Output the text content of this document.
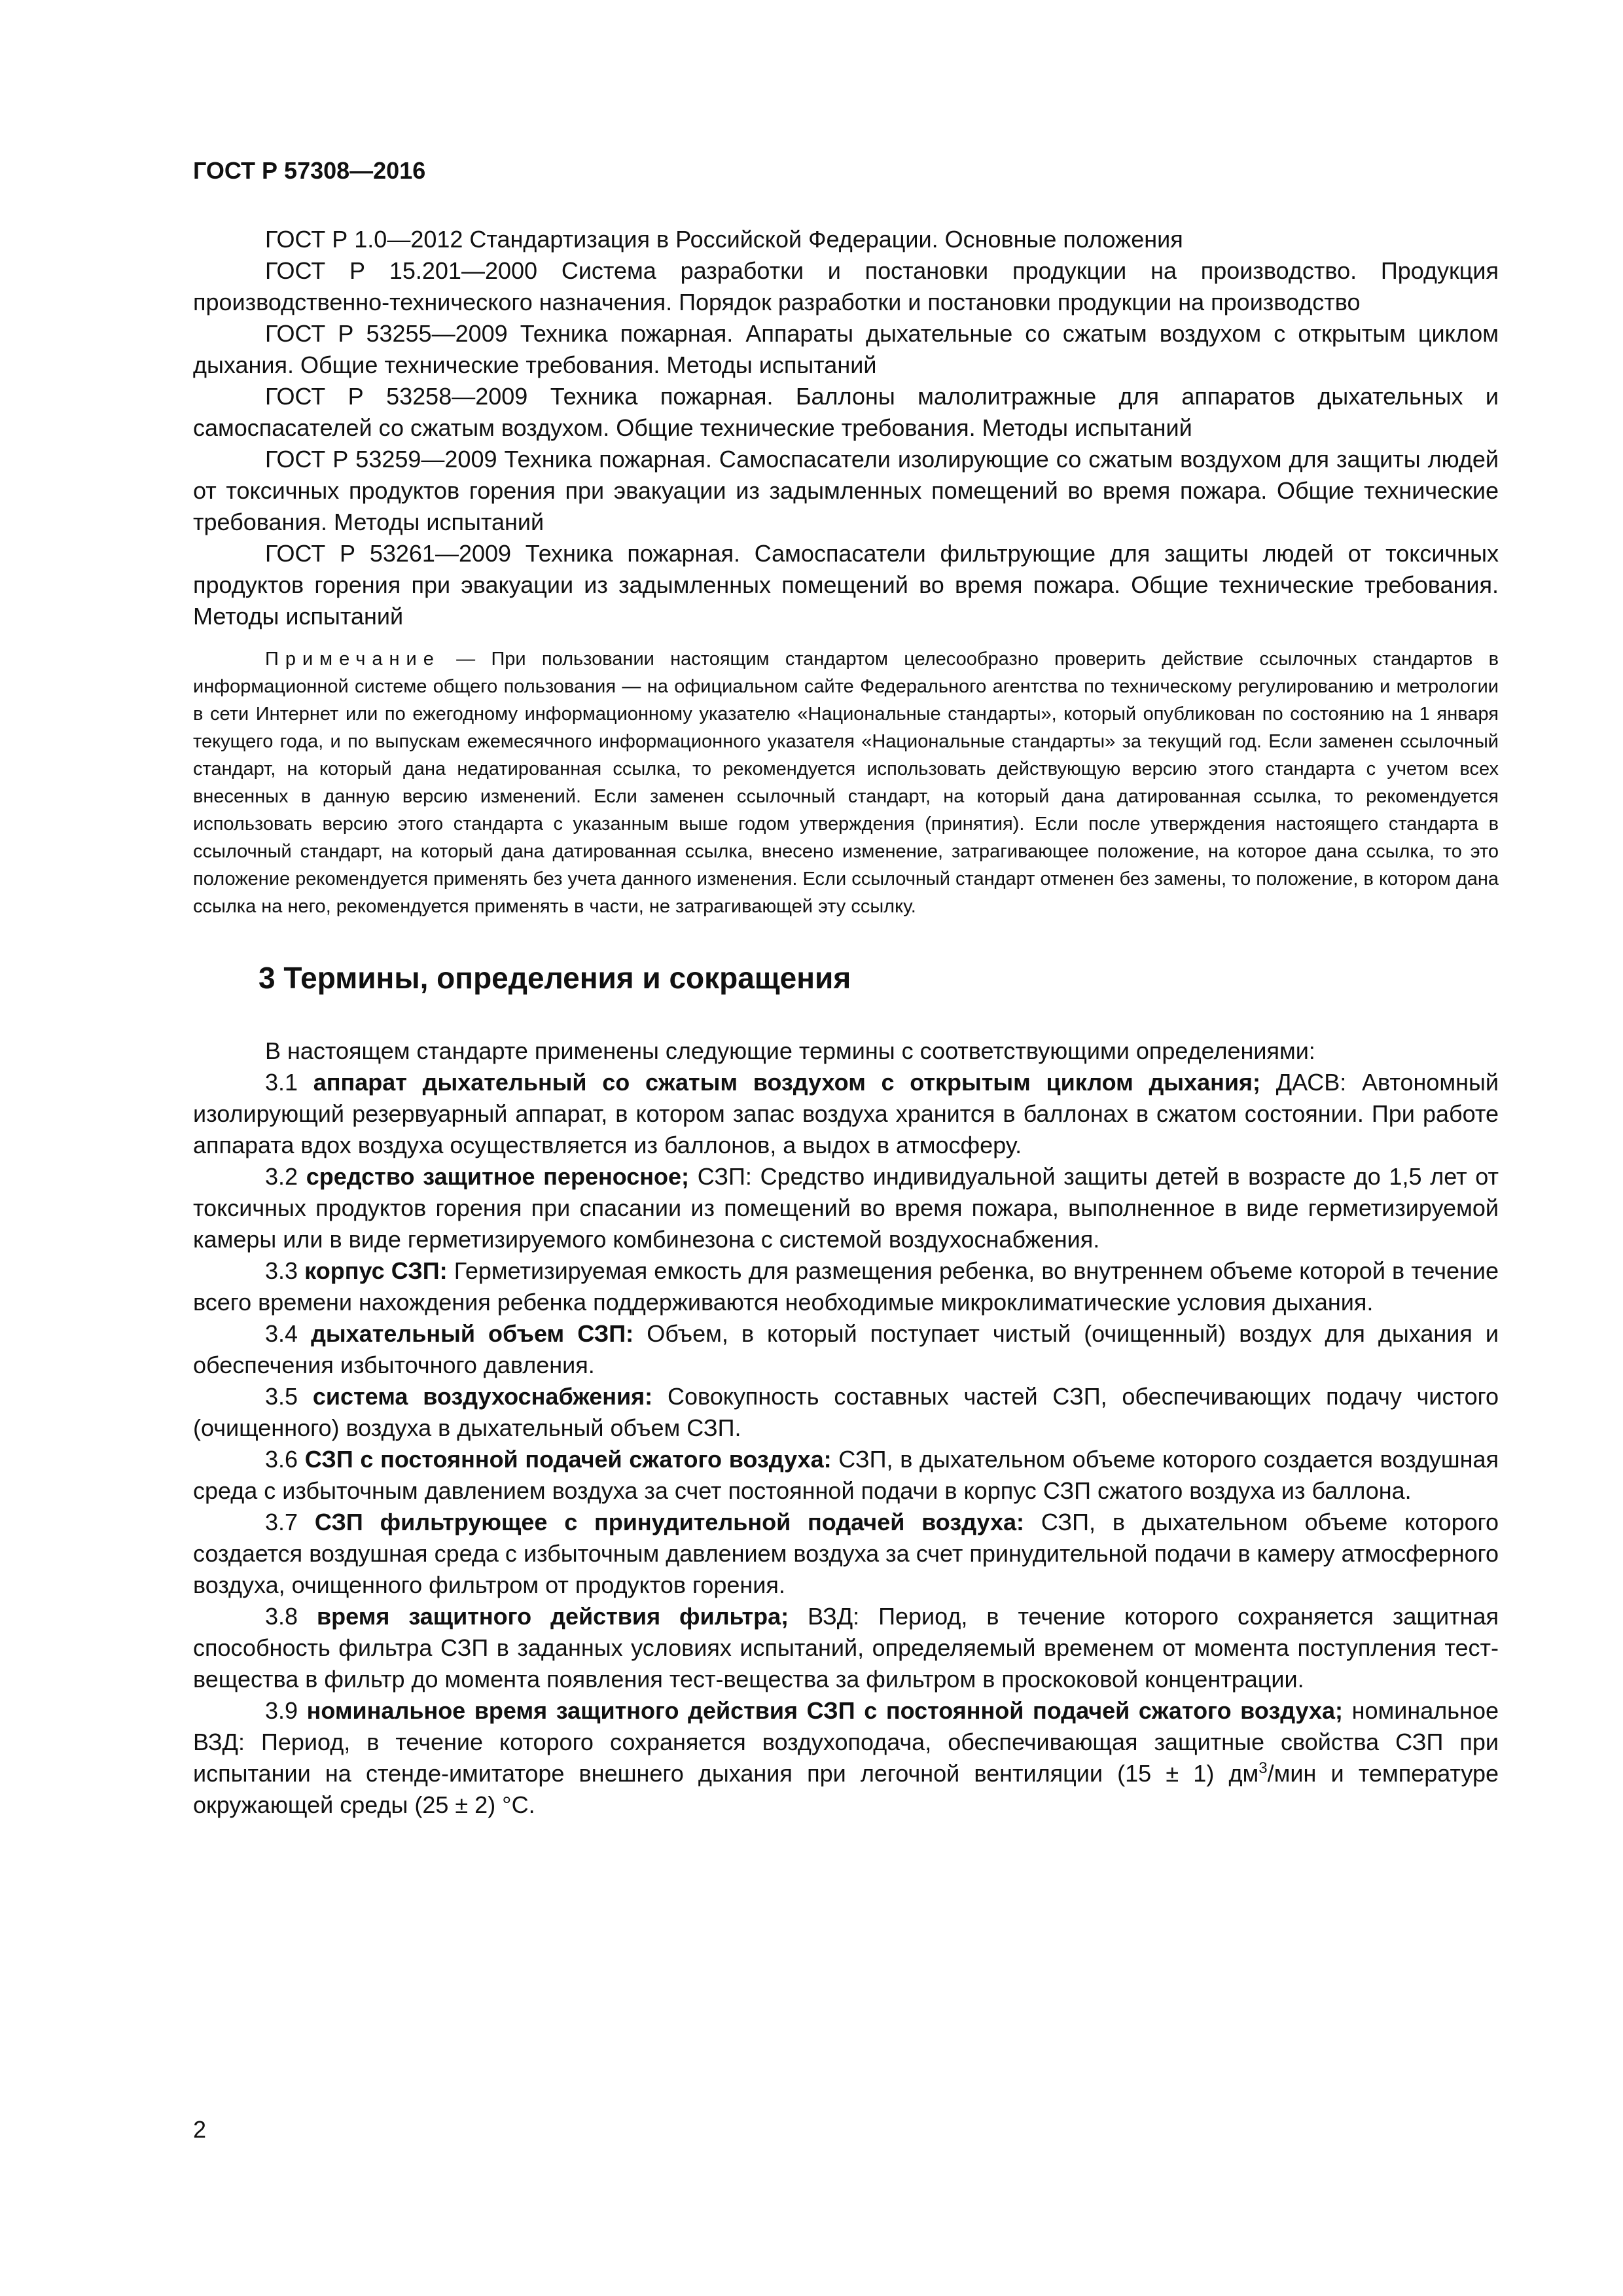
ГОСТ Р 57308—2016

ГОСТ Р 1.0—2012 Стандартизация в Российской Федерации. Основные положения

ГОСТ Р 15.201—2000 Система разработки и постановки продукции на производство. Продукция производственно-технического назначения. Порядок разработки и постановки продукции на производство

ГОСТ Р 53255—2009 Техника пожарная. Аппараты дыхательные со сжатым воздухом с открытым циклом дыхания. Общие технические требования. Методы испытаний

ГОСТ Р 53258—2009 Техника пожарная. Баллоны малолитражные для аппаратов дыхательных и самоспасателей со сжатым воздухом. Общие технические требования. Методы испытаний

ГОСТ Р 53259—2009 Техника пожарная. Самоспасатели изолирующие со сжатым воздухом для защиты людей от токсичных продуктов горения при эвакуации из задымленных помещений во время пожара. Общие технические требования. Методы испытаний

ГОСТ Р 53261—2009 Техника пожарная. Самоспасатели фильтрующие для защиты людей от токсичных продуктов горения при эвакуации из задымленных помещений во время пожара. Общие технические требования. Методы испытаний

Примечание — При пользовании настоящим стандартом целесообразно проверить действие ссылочных стандартов в информационной системе общего пользования — на официальном сайте Федерального агентства по техническому регулированию и метрологии в сети Интернет или по ежегодному информационному указателю «Национальные стандарты», который опубликован по состоянию на 1 января текущего года, и по выпускам ежемесячного информационного указателя «Национальные стандарты» за текущий год. Если заменен ссылочный стандарт, на который дана недатированная ссылка, то рекомендуется использовать действующую версию этого стандарта с учетом всех внесенных в данную версию изменений. Если заменен ссылочный стандарт, на который дана датированная ссылка, то рекомендуется использовать версию этого стандарта с указанным выше годом утверждения (принятия). Если после утверждения настоящего стандарта в ссылочный стандарт, на который дана датированная ссылка, внесено изменение, затрагивающее положение, на которое дана ссылка, то это положение рекомендуется применять без учета данного изменения. Если ссылочный стандарт отменен без замены, то положение, в котором дана ссылка на него, рекомендуется применять в части, не затрагивающей эту ссылку.

3 Термины, определения и сокращения

В настоящем стандарте применены следующие термины с соответствующими определениями:

3.1 аппарат дыхательный со сжатым воздухом с открытым циклом дыхания; ДАСВ: Автономный изолирующий резервуарный аппарат, в котором запас воздуха хранится в баллонах в сжатом состоянии. При работе аппарата вдох воздуха осуществляется из баллонов, а выдох в атмосферу.

3.2 средство защитное переносное; СЗП: Средство индивидуальной защиты детей в возрасте до 1,5 лет от токсичных продуктов горения при спасании из помещений во время пожара, выполненное в виде герметизируемой камеры или в виде герметизируемого комбинезона с системой воздухоснабжения.

3.3 корпус СЗП: Герметизируемая емкость для размещения ребенка, во внутреннем объеме которой в течение всего времени нахождения ребенка поддерживаются необходимые микроклиматические условия дыхания.

3.4 дыхательный объем СЗП: Объем, в который поступает чистый (очищенный) воздух для дыхания и обеспечения избыточного давления.

3.5 система воздухоснабжения: Совокупность составных частей СЗП, обеспечивающих подачу чистого (очищенного) воздуха в дыхательный объем СЗП.

3.6 СЗП с постоянной подачей сжатого воздуха: СЗП, в дыхательном объеме которого создается воздушная среда с избыточным давлением воздуха за счет постоянной подачи в корпус СЗП сжатого воздуха из баллона.

3.7 СЗП фильтрующее с принудительной подачей воздуха: СЗП, в дыхательном объеме которого создается воздушная среда с избыточным давлением воздуха за счет принудительной подачи в камеру атмосферного воздуха, очищенного фильтром от продуктов горения.

3.8 время защитного действия фильтра; ВЗД: Период, в течение которого сохраняется защитная способность фильтра СЗП в заданных условиях испытаний, определяемый временем от момента поступления тест-вещества в фильтр до момента появления тест-вещества за фильтром в проскоковой концентрации.

3.9 номинальное время защитного действия СЗП с постоянной подачей сжатого воздуха; номинальное ВЗД: Период, в течение которого сохраняется воздухоподача, обеспечивающая защитные свойства СЗП при испытании на стенде-имитаторе внешнего дыхания при легочной вентиляции (15 ± 1) $дм^3$/мин и температуре окружающей среды (25 ± 2) °С.

2
